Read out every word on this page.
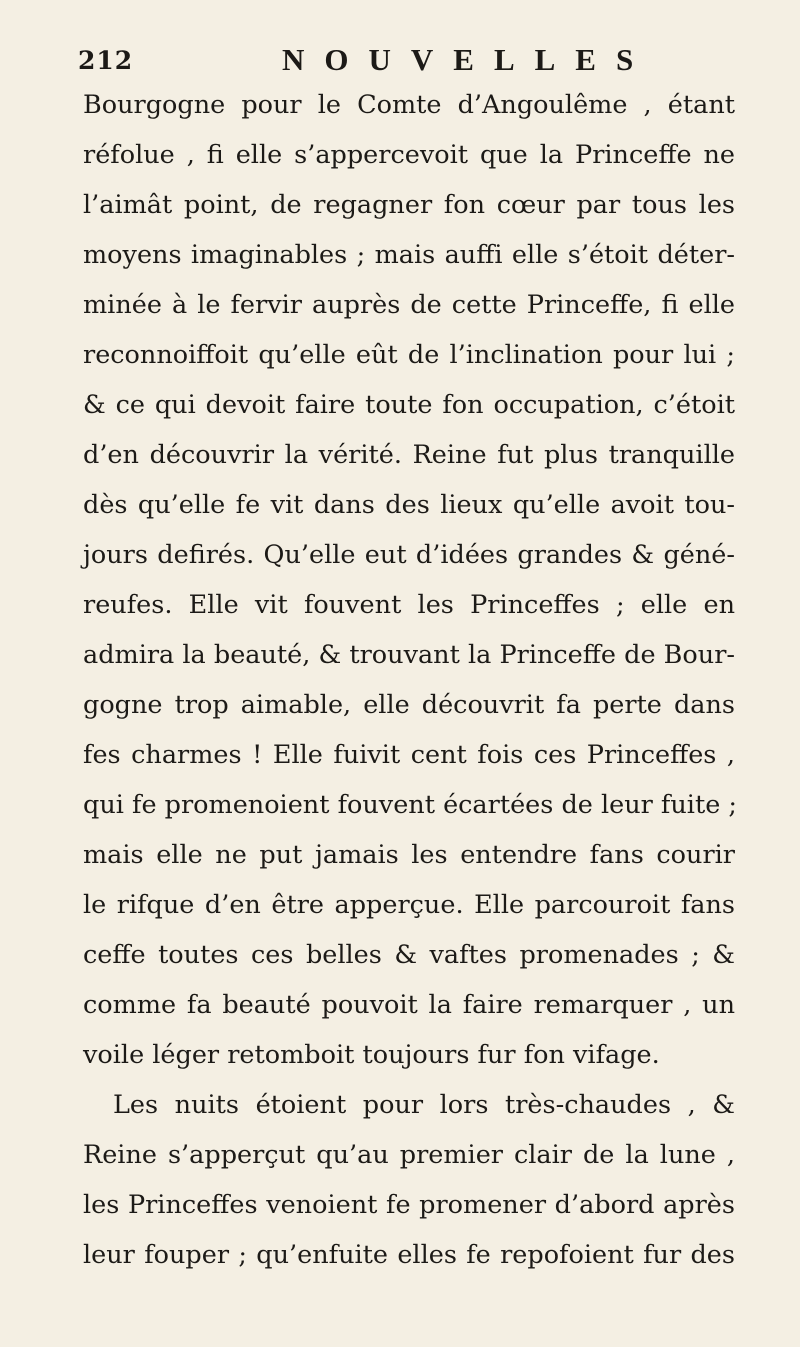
212	NOUVELLES
Bourgogne pour le Comte d’Angoulême , étant
réfolue , fi elle s’appercevoit que la Princeffe ne
l’aimât point, de regagner fon cœur par tous les
moyens imaginables ; mais auffi elle s’étoit déter-
minée à le fervir auprès de cette Princeffe, fi elle
reconnoiffoit qu’elle eût de l’inclination pour lui ;
& ce qui devoit faire toute fon occupation, c’étoit
d’en découvrir la vérité. Reine fut plus tranquille
dès qu’elle fe vit dans des lieux qu’elle avoit tou-
jours defirés. Qu’elle eut d’idées grandes & géné-
reufes. Elle vit fouvent les Princeffes ; elle en
admira la beauté, & trouvant la Princeffe de Bour-
gogne trop aimable, elle découvrit fa perte dans
fes charmes ! Elle fuivit cent fois ces Princeffes ,
qui fe promenoient fouvent écartées de leur fuite ;
mais elle ne put jamais les entendre fans courir
le rifque d’en être apperçue. Elle parcouroit fans
ceffe toutes ces belles & vaftes promenades ; &
comme fa beauté pouvoit la faire remarquer , un
voile léger retomboit toujours fur fon vifage.
Les nuits étoient pour lors très-chaudes , &
Reine s’apperçut qu’au premier clair de la lune ,
les Princeffes venoient fe promener d’abord après
leur fouper ; qu’enfuite elles fe repofoient fur des
